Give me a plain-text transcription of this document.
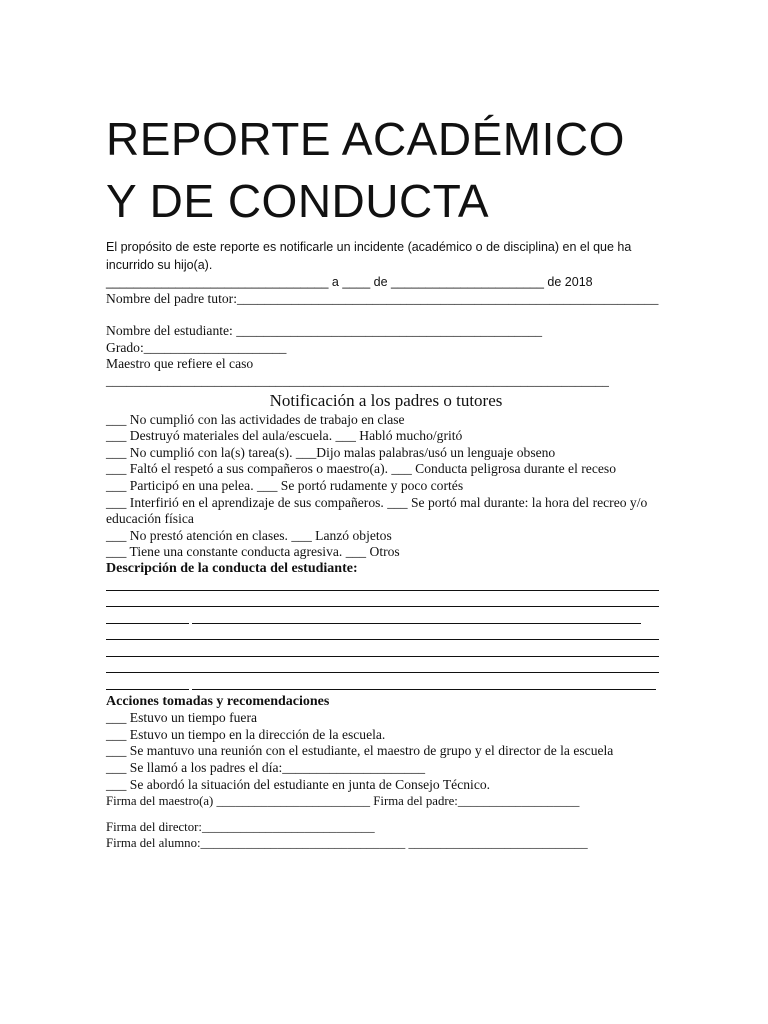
REPORTE ACADÉMICO
Y DE CONDUCTA
El propósito de este reporte es notificarle un incidente (académico o de disciplina) en el que ha incurrido su hijo(a).
________________________________ a ____ de ______________________ de 2018
Nombre del padre tutor:______________________________________________________________
Nombre del estudiante: _____________________________________________
Grado:_____________________
Maestro que refiere el caso
__________________________________________________________________________
Notificación a los padres o tutores
___ No cumplió con las actividades de trabajo en clase
___ Destruyó materiales del aula/escuela. ___ Habló mucho/gritó
___ No cumplió con la(s) tarea(s). ___Dijo malas palabras/usó un lenguaje obseno
___ Faltó el respetó a sus compañeros o maestro(a). ___ Conducta peligrosa durante el receso
___ Participó en una pelea. ___ Se portó rudamente y poco cortés
___ Interfirió en el aprendizaje de sus compañeros. ___ Se portó mal durante: la hora del recreo y/o educación física
___ No prestó atención en clases. ___ Lanzó objetos
___ Tiene una constante conducta agresiva. ___ Otros
Descripción de la conducta del estudiante:
Acciones tomadas y recomendaciones
___ Estuvo un tiempo fuera
___ Estuvo un tiempo en la dirección de la escuela.
___ Se mantuvo una reunión con el estudiante, el maestro de grupo y el director de la escuela
___ Se llamó a los padres el día:_____________________
___ Se abordó la situación del estudiante en junta de Consejo Técnico.
Firma del maestro(a) ________________________ Firma del padre:___________________
Firma del director:___________________________
Firma del alumno:________________________________ ____________________________
